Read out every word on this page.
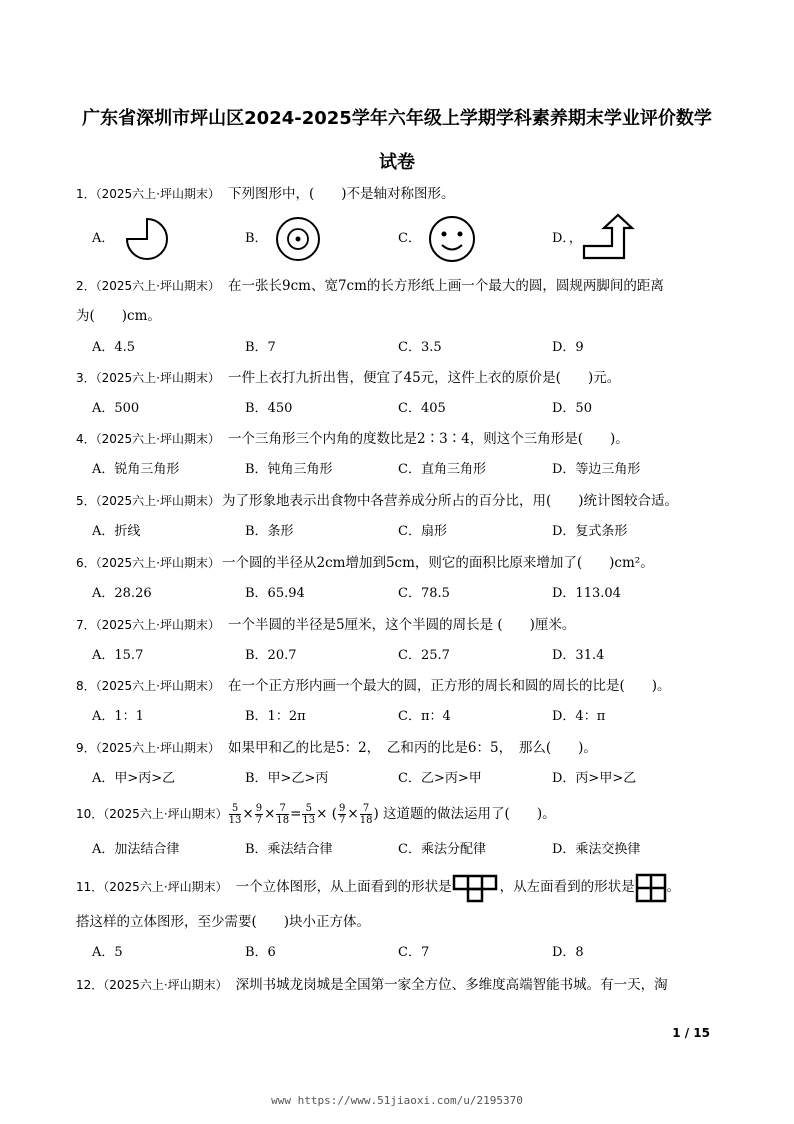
广东省深圳市坪山区2024-2025学年六年级上学期学科素养期末学业评价数学
试卷
1．（2025六上·坪山期末） 下列图形中，(　　)不是轴对称图形。
A．	B．	C．	D．，
2．（2025六上·坪山期末） 在一张长9cm、宽7cm的长方形纸上画一个最大的圆，圆规两脚间的距离
为(　　)cm。
A．4.5	B．7	C．3.5	D．9
3．（2025六上·坪山期末） 一件上衣打九折出售，便宜了45元，这件上衣的原价是(　　)元。
A．500	B．450	C．405	D．50
4．（2025六上·坪山期末） 一个三角形三个内角的度数比是2∶3∶4，则这个三角形是(　　)。
A．锐角三角形	B．钝角三角形	C．直角三角形	D．等边三角形
5．（2025六上·坪山期末） 为了形象地表示出食物中各营养成分所占的百分比，用(　　)统计图较合适。
A．折线	B．条形	C．扇形	D．复式条形
6．（2025六上·坪山期末） 一个圆的半径从2cm增加到5cm，则它的面积比原来增加了(　　)cm²。
A．28.26	B．65.94	C．78.5	D．113.04
7．（2025六上·坪山期末） 一个半圆的半径是5厘米，这个半圆的周长是 (　　)厘米。
A．15.7	B．20.7	C．25.7	D．31.4
8．（2025六上·坪山期末） 在一个正方形内画一个最大的圆，正方形的周长和圆的周长的比是(　　)。
A．1：1	B．1：2π	C．π：4	D．4：π
9．（2025六上·坪山期末） 如果甲和乙的比是5：2，　乙和丙的比是6：5，　那么(　　)。
A．甲>丙>乙	B．甲>乙>丙	C．乙>丙>甲	D．丙>甲>乙
10．（2025六上·坪山期末） $\frac{5}{13} \times \frac{9}{7} \times \frac{7}{18} = \frac{5}{13}$ × ( $\frac{9}{7} \times \frac{7}{18}$ ) 这道题的做法运用了(　　)。
A．加法结合律	B．乘法结合律	C．乘法分配律	D．乘法交换律
11．（2025六上·坪山期末） 一个立体图形，从上面看到的形状是	，从左面看到的形状是 。
搭这样的立体图形，至少需要(　　)块小正方体。
A．5	B．6	C．7	D．8
12．（2025六上·坪山期末） 深圳书城龙岗城是全国第一家全方位、多维度高端智能书城。有一天，淘
1 / 15
www https://www.51jiaoxi.com/u/2195370
